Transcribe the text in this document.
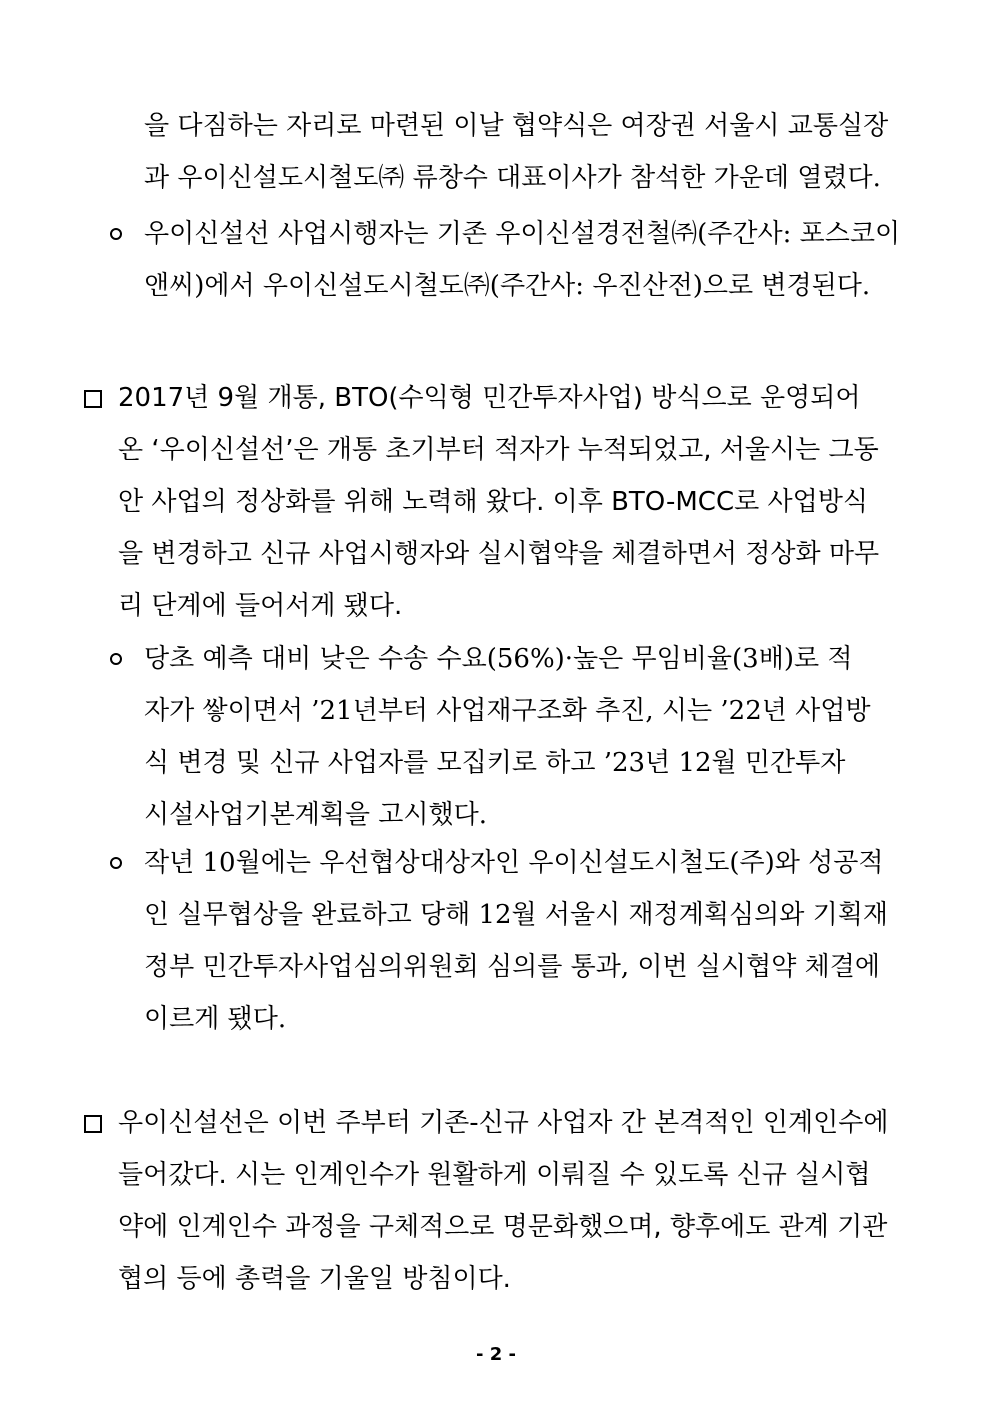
을 다짐하는 자리로 마련된 이날 협약식은 여장권 서울시 교통실장
과 우이신설도시철도㈜ 류창수 대표이사가 참석한 가운데 열렸다.
우이신설선 사업시행자는 기존 우이신설경전철㈜(주간사: 포스코이
앤씨)에서 우이신설도시철도㈜(주간사: 우진산전)으로 변경된다.
2017년 9월 개통, BTO(수익형 민간투자사업) 방식으로 운영되어
온 ‘우이신설선’은 개통 초기부터 적자가 누적되었고, 서울시는 그동
안 사업의 정상화를 위해 노력해 왔다. 이후 BTO-MCC로 사업방식
을 변경하고 신규 사업시행자와 실시협약을 체결하면서 정상화 마무
리 단계에 들어서게 됐다.
당초 예측 대비 낮은 수송 수요(56%)·높은 무임비율(3배)로 적
자가 쌓이면서 ’21년부터 사업재구조화 추진, 시는 ’22년 사업방
식 변경 및 신규 사업자를 모집키로 하고 ’23년 12월 민간투자
시설사업기본계획을 고시했다.
작년 10월에는 우선협상대상자인 우이신설도시철도(주)와 성공적
인 실무협상을 완료하고 당해 12월 서울시 재정계획심의와 기획재
정부 민간투자사업심의위원회 심의를 통과, 이번 실시협약 체결에
이르게 됐다.
우이신설선은 이번 주부터 기존-신규 사업자 간 본격적인 인계인수에
들어갔다. 시는 인계인수가 원활하게 이뤄질 수 있도록 신규 실시협
약에 인계인수 과정을 구체적으로 명문화했으며, 향후에도 관계 기관
협의 등에 총력을 기울일 방침이다.
- 2 -
